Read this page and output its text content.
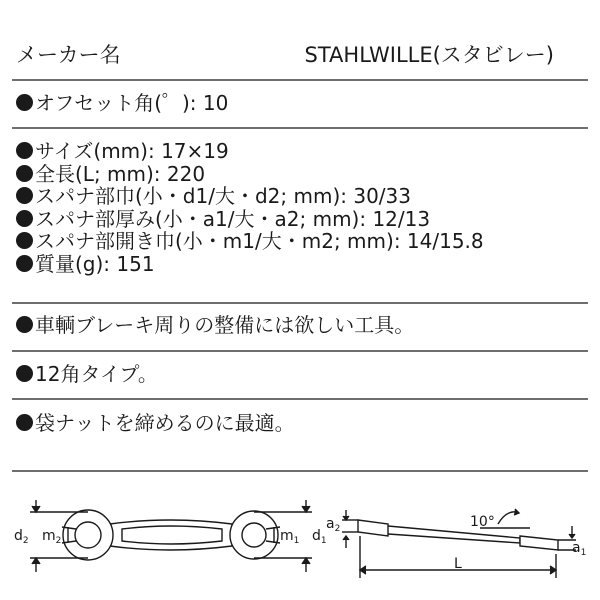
メーカー名	STAHLWILLE(スタビレー)
オフセット角(゜): 10
サイズ(mm): 17×19
全長(L; mm): 220
スパナ部巾(小・d1/大・d2; mm): 30/33
スパナ部厚み(小・a1/大・a2; mm): 12/13
スパナ部開き巾(小・m1/大・m2; mm): 14/15.8
質量(g): 151
車輌ブレーキ周りの整備には欲しい工具。
12角タイプ。
袋ナットを締めるのに最適。
$d_2$ $m_2$	$m_1$ $d_1$
$a_2$	10°
L
$a_1$
